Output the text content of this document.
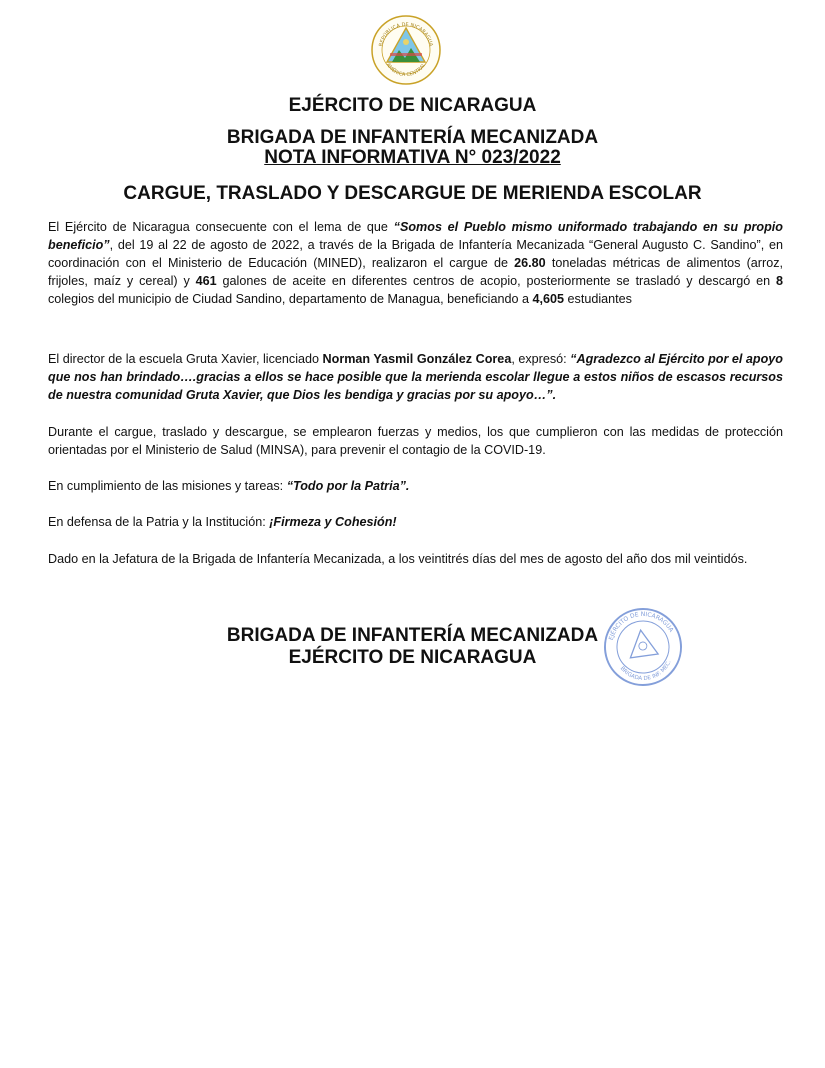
REPÚBLICA DE NICARAGUA
AMÉRICA CENTRAL
EJÉRCITO DE NICARAGUA
BRIGADA DE INFANTERÍA MECANIZADA
NOTA INFORMATIVA N° 023/2022
CARGUE, TRASLADO Y DESCARGUE DE MERIENDA ESCOLAR

El Ejército de Nicaragua consecuente con el lema de que “Somos el Pueblo mismo uniformado trabajando en su propio beneficio”, del 19 al 22 de agosto de 2022, a través de la Brigada de Infantería Mecanizada “General Augusto C. Sandino”, en coordinación con el Ministerio de Educación (MINED), realizaron el cargue de 26.80 toneladas métricas de alimentos (arroz, frijoles, maíz y cereal) y 461 galones de aceite en diferentes centros de acopio, posteriormente se trasladó y descargó en 8 colegios del municipio de Ciudad Sandino, departamento de Managua, beneficiando a 4,605 estudiantes

El director de la escuela Gruta Xavier, licenciado Norman Yasmil González Corea, expresó: “Agradezco al Ejército por el apoyo que nos han brindado….gracias a ellos se hace posible que la merienda escolar llegue a estos niños de escasos recursos de nuestra comunidad Gruta Xavier, que Dios les bendiga y gracias por su apoyo…”.

Durante el cargue, traslado y descargue, se emplearon fuerzas y medios, los que cumplieron con las medidas de protección orientadas por el Ministerio de Salud (MINSA), para prevenir el contagio de la COVID-19.

En cumplimiento de las misiones y tareas: “Todo por la Patria”.

En defensa de la Patria y la Institución: ¡Firmeza y Cohesión!

Dado en la Jefatura de la Brigada de Infantería Mecanizada, a los veintitrés días del mes de agosto del año dos mil veintidós.

BRIGADA DE INFANTERÍA MECANIZADA
EJÉRCITO DE NICARAGUA
EJÉRCITO DE NICARAGUA
BRIGADA DE INF. MEC.
